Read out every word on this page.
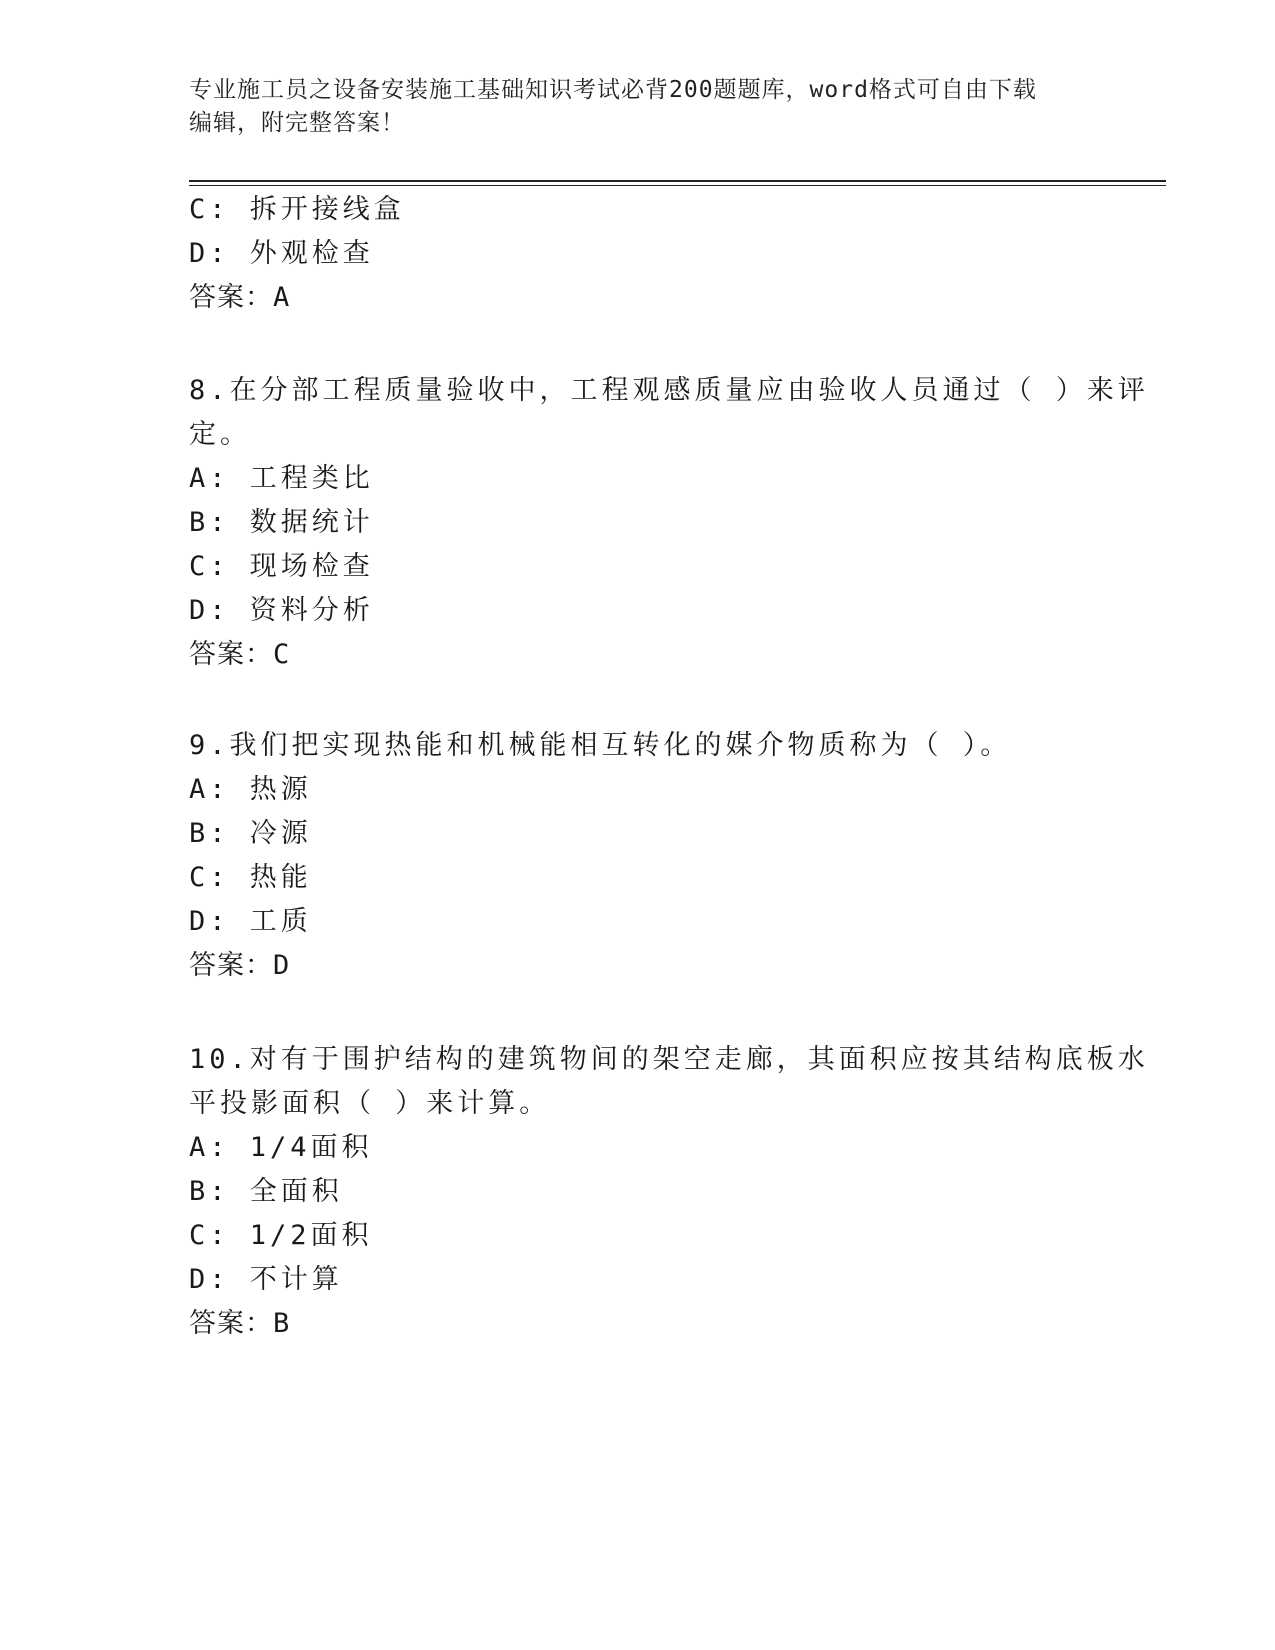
专业施工员之设备安装施工基础知识考试必背200题题库，word格式可自由下载
编辑，附完整答案！
C: 拆开接线盒
D: 外观检查
答案：A
8.在分部工程质量验收中，工程观感质量应由验收人员通过（ ）来评
定。
A: 工程类比
B: 数据统计
C: 现场检查
D: 资料分析
答案：C
9.我们把实现热能和机械能相互转化的媒介物质称为（ ）。
A: 热源
B: 冷源
C: 热能
D: 工质
答案：D
10.对有于围护结构的建筑物间的架空走廊，其面积应按其结构底板水
平投影面积（ ）来计算。
A: 1/4面积
B: 全面积
C: 1/2面积
D: 不计算
答案：B
